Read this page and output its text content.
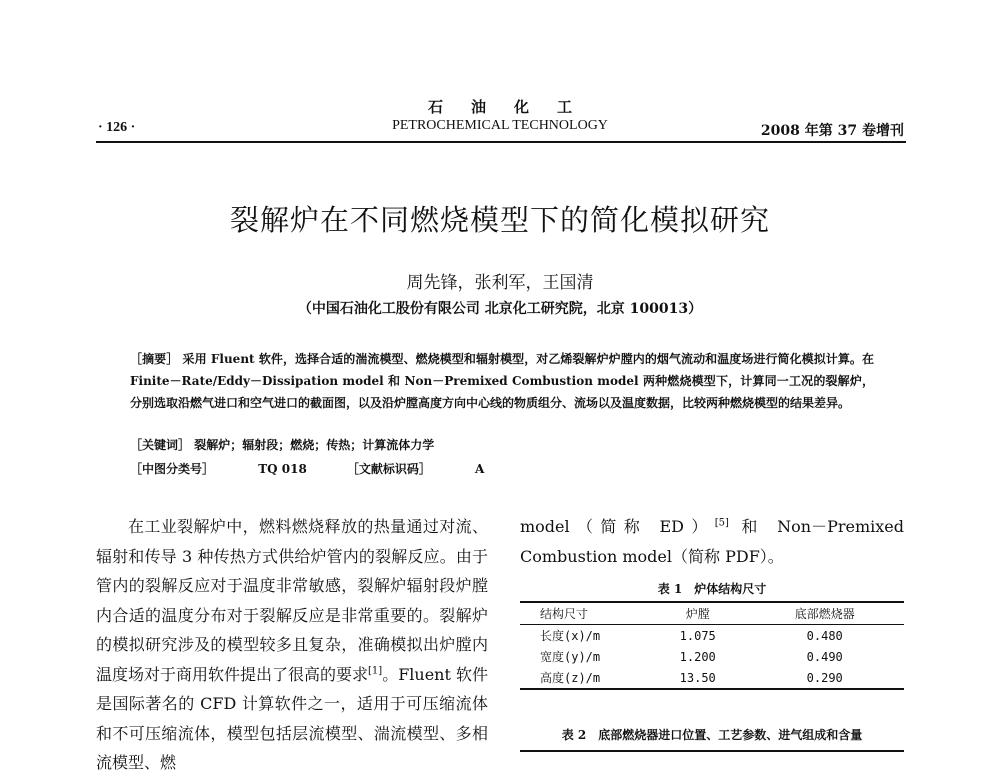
石油化工
PETROCHEMICAL TECHNOLOGY
· 126 ·	2008 年第 37 卷增刊
裂解炉在不同燃烧模型下的简化模拟研究
周先锋，张利军，王国清
（中国石油化工股份有限公司 北京化工研究院，北京 100013）
［摘要］ 采用 Fluent 软件，选择合适的湍流模型、燃烧模型和辐射模型，对乙烯裂解炉炉膛内的烟气流动和温度场进行简化模拟计算。在 Finite－Rate/Eddy－Dissipation model 和 Non－Premixed Combustion model 两种燃烧模型下，计算同一工况的裂解炉，分别选取沿燃气进口和空气进口的截面图，以及沿炉膛高度方向中心线的物质组分、流场以及温度数据，比较两种燃烧模型的结果差异。
［关键词］ 裂解炉；辐射段；燃烧；传热；计算流体力学
［中图分类号］	TQ 018	［文献标识码］	A
在工业裂解炉中，燃料燃烧释放的热量通过对流、辐射和传导 3 种传热方式供给炉管内的裂解反应。由于管内的裂解反应对于温度非常敏感，裂解炉辐射段炉膛内合适的温度分布对于裂解反应是非常重要的。裂解炉的模拟研究涉及的模型较多且复杂，准确模拟出炉膛内温度场对于商用软件提出了很高的要求[1]。Fluent 软件是国际著名的 CFD 计算软件之一，适用于可压缩流体和不可压缩流体，模型包括层流模型、湍流模型、多相流模型、燃
model（简称 ED）[5] 和 Non－Premixed Combustion model（简称 PDF）。
表 1　炉体结构尺寸
结构尺寸	炉膛	底部燃烧器
长度(x)/m	1.075	0.480
宽度(y)/m	1.200	0.490
高度(z)/m	13.50	0.290
表 2　底部燃烧器进口位置、工艺参数、进气组成和含量
